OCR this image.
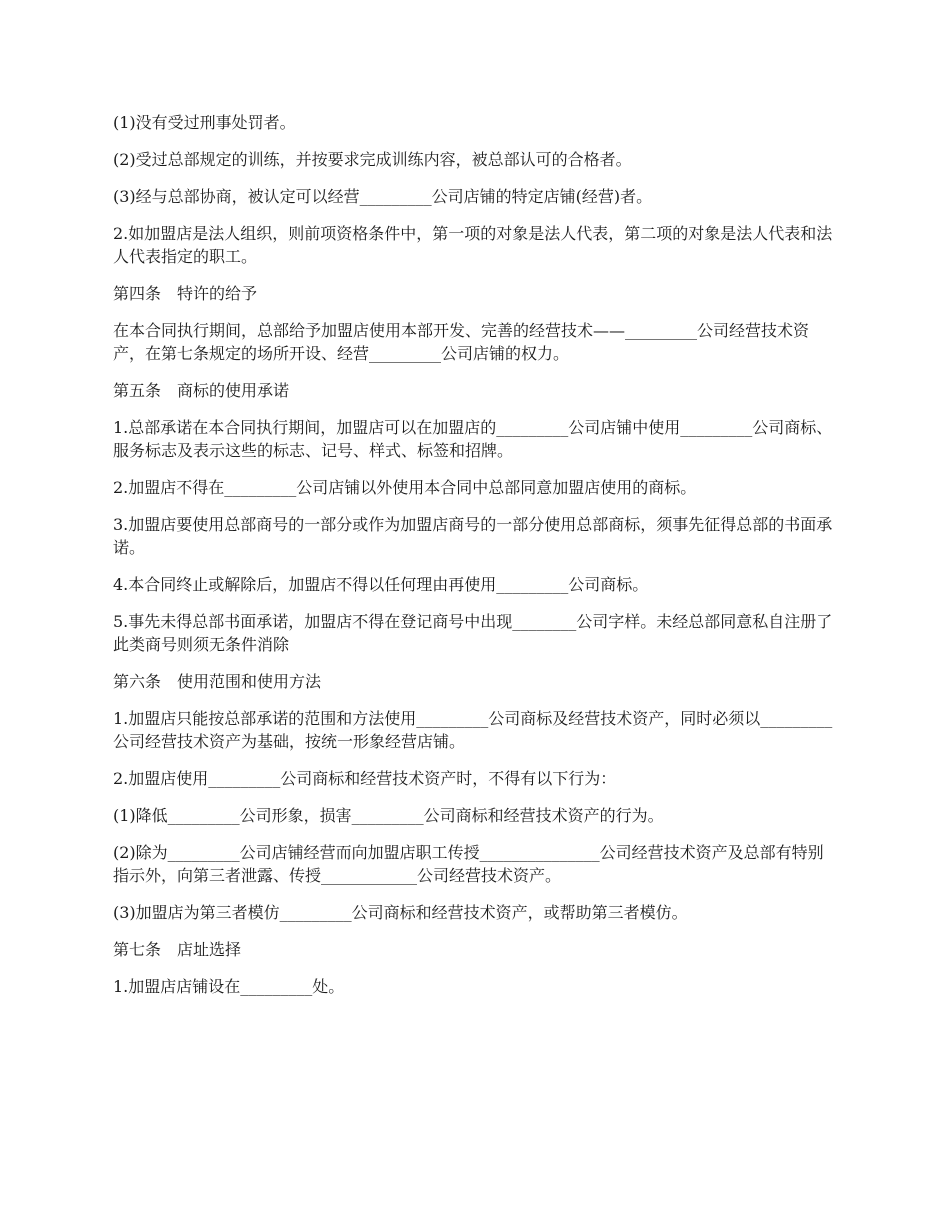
(1)没有受过刑事处罚者。

(2)受过总部规定的训练，并按要求完成训练内容，被总部认可的合格者。

(3)经与总部协商，被认定可以经营_________公司店铺的特定店铺(经营)者。

2.如加盟店是法人组织，则前项资格条件中，第一项的对象是法人代表，第二项的对象是法人代表和法人代表指定的职工。

第四条　特许的给予

在本合同执行期间，总部给予加盟店使用本部开发、完善的经营技术——_________公司经营技术资产，在第七条规定的场所开设、经营_________公司店铺的权力。

第五条　商标的使用承诺

1.总部承诺在本合同执行期间，加盟店可以在加盟店的_________公司店铺中使用_________公司商标、服务标志及表示这些的标志、记号、样式、标签和招牌。

2.加盟店不得在_________公司店铺以外使用本合同中总部同意加盟店使用的商标。

3.加盟店要使用总部商号的一部分或作为加盟店商号的一部分使用总部商标，须事先征得总部的书面承诺。

4.本合同终止或解除后，加盟店不得以任何理由再使用_________公司商标。

5.事先未得总部书面承诺，加盟店不得在登记商号中出现________公司字样。未经总部同意私自注册了此类商号则须无条件消除

第六条　使用范围和使用方法

1.加盟店只能按总部承诺的范围和方法使用_________公司商标及经营技术资产，同时必须以_________公司经营技术资产为基础，按统一形象经营店铺。

2.加盟店使用_________公司商标和经营技术资产时，不得有以下行为：

(1)降低_________公司形象，损害_________公司商标和经营技术资产的行为。

(2)除为_________公司店铺经营而向加盟店职工传授_______________公司经营技术资产及总部有特别指示外，向第三者泄露、传授____________公司经营技术资产。

(3)加盟店为第三者模仿_________公司商标和经营技术资产，或帮助第三者模仿。

第七条　店址选择

1.加盟店店铺设在_________处。
